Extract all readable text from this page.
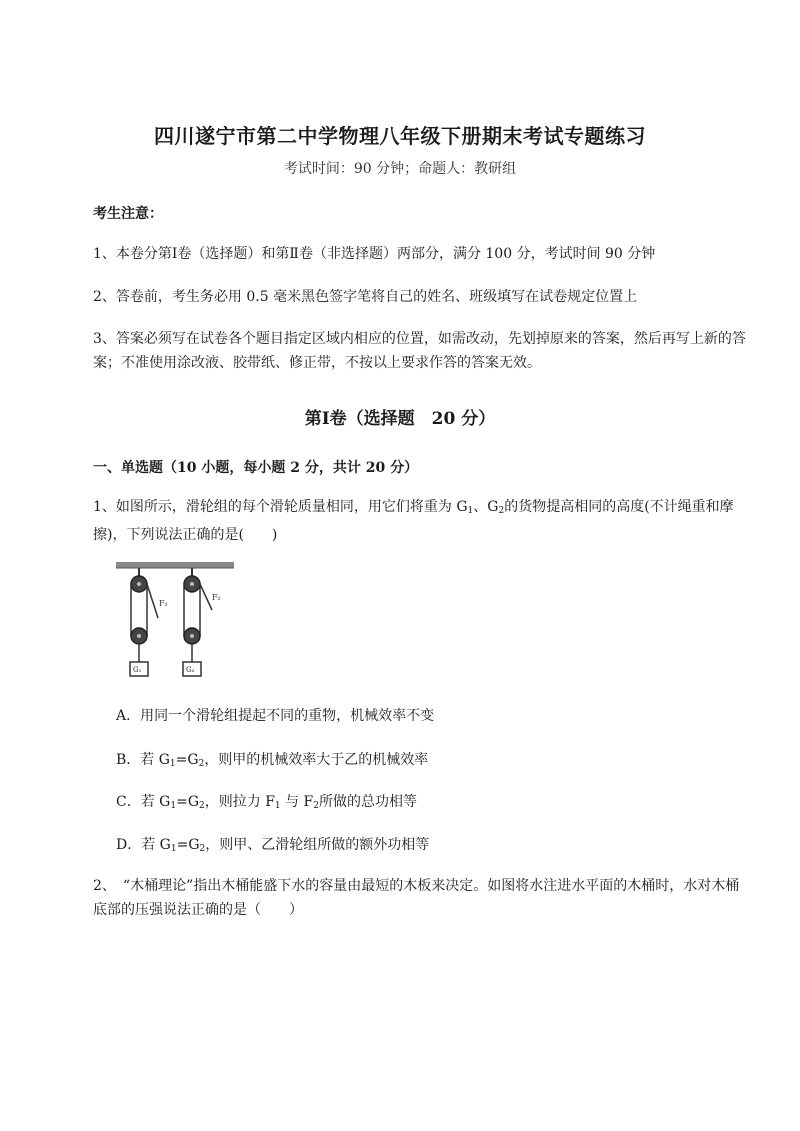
四川遂宁市第二中学物理八年级下册期末考试专题练习
考试时间：90 分钟；命题人：教研组
考生注意：
1、本卷分第Ⅰ卷（选择题）和第Ⅱ卷（非选择题）两部分，满分 100 分，考试时间 90 分钟
2、答卷前，考生务必用 0.5 毫米黑色签字笔将自己的姓名、班级填写在试卷规定位置上
3、答案必须写在试卷各个题目指定区域内相应的位置，如需改动，先划掉原来的答案，然后再写上新的答案；不准使用涂改液、胶带纸、修正带，不按以上要求作答的答案无效。
第Ⅰ卷（选择题　20 分）
一、单选题（10 小题，每小题 2 分，共计 20 分）
1、如图所示，滑轮组的每个滑轮质量相同，用它们将重为 $G_1$、$G_2$的货物提高相同的高度(不计绳重和摩擦)，下列说法正确的是(　　)
F₁
G₁
F₂
G₂
A．用同一个滑轮组提起不同的重物，机械效率不变
B．若 $G_1=G_2$，则甲的机械效率大于乙的机械效率
C．若 $G_1=G_2$，则拉力 $F_1$ 与 $F_2$所做的总功相等
D．若 $G_1=G_2$，则甲、乙滑轮组所做的额外功相等
2、　“木桶理论”指出木桶能盛下水的容量由最短的木板来决定。如图将水注进水平面的木桶时，水对木桶底部的压强说法正确的是（　　）
